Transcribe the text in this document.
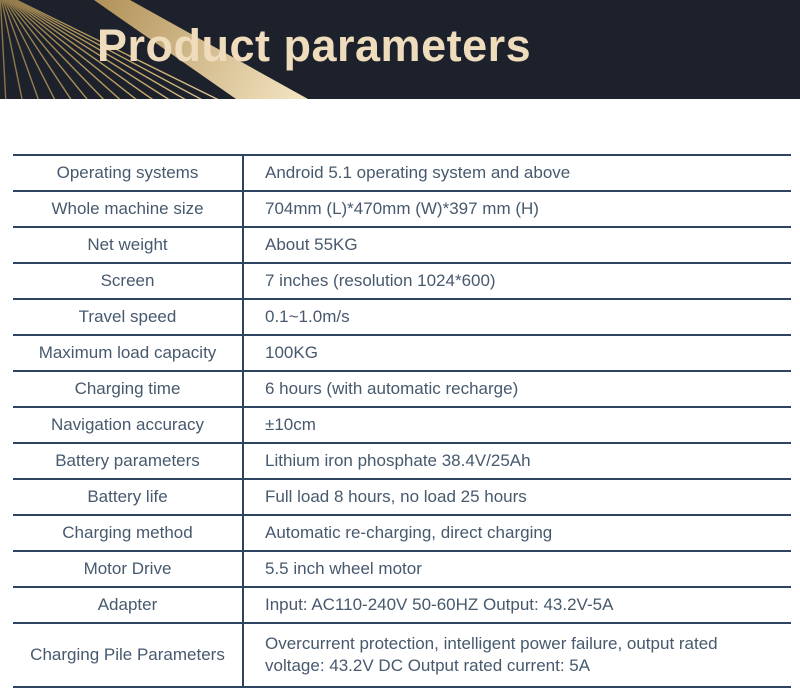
Product parameters
Operating systems	Android 5.1 operating system and above
Whole machine size	704mm (L)*470mm (W)*397 mm (H)
Net weight	About 55KG
Screen	7 inches (resolution 1024*600)
Travel speed	0.1~1.0m/s
Maximum load capacity	100KG
Charging time	6 hours (with automatic recharge)
Navigation accuracy	±10cm
Battery parameters	Lithium iron phosphate 38.4V/25Ah
Battery life	Full load 8 hours, no load 25 hours
Charging method	Automatic re-charging, direct charging
Motor Drive	5.5 inch wheel motor
Adapter	Input: AC110-240V 50-60HZ Output: 43.2V-5A
Charging Pile Parameters	Overcurrent protection, intelligent power failure, output rated voltage: 43.2V DC Output rated current: 5A
